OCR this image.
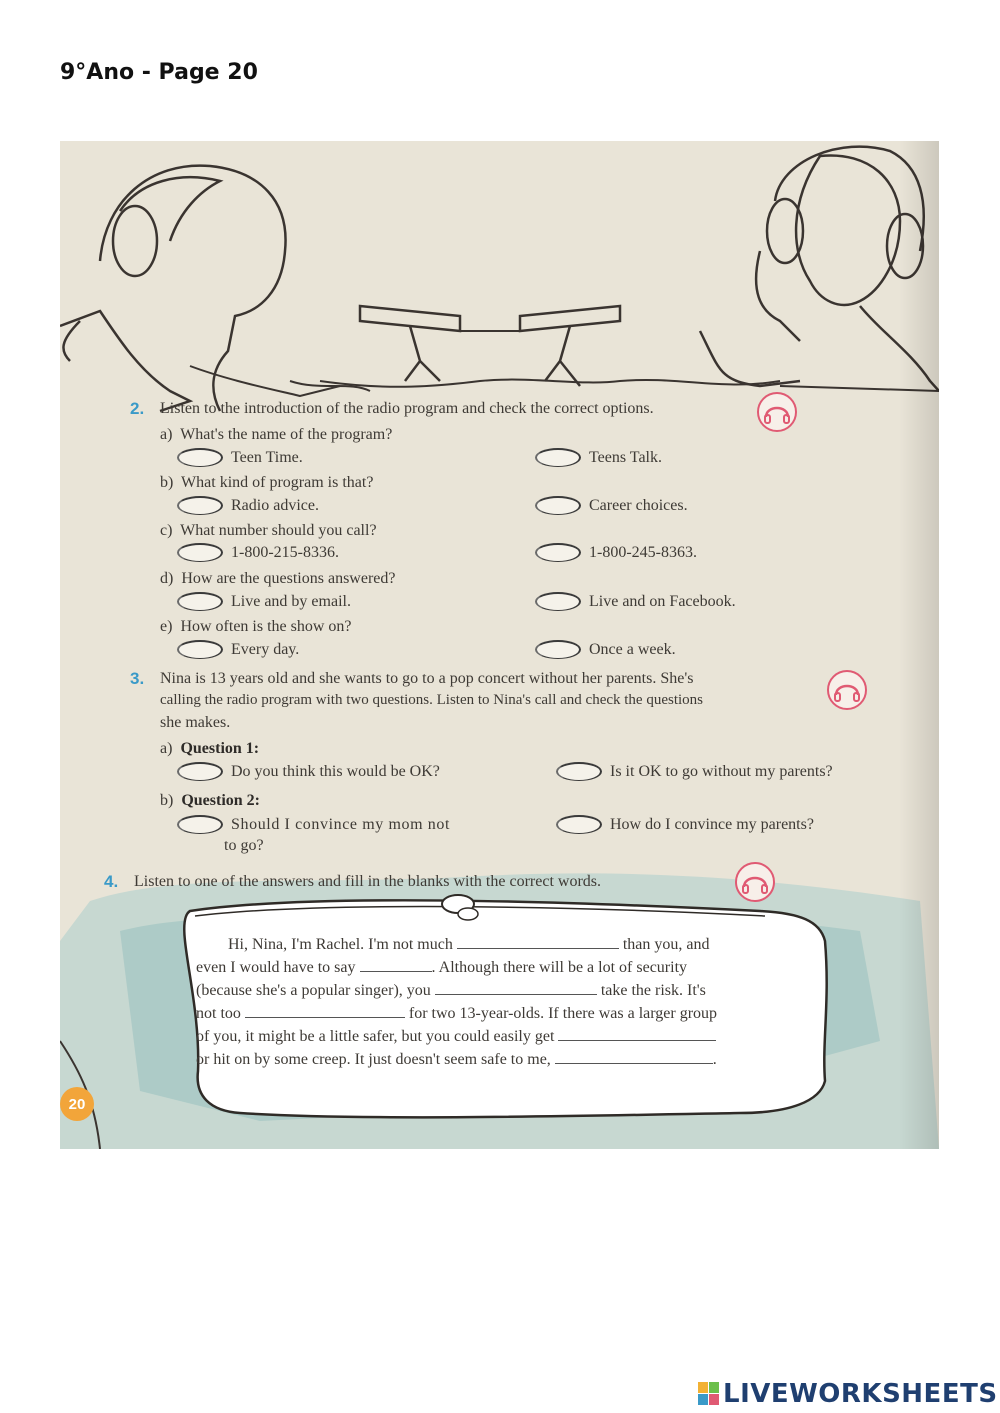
9°Ano - Page 20
2. Listen to the introduction of the radio program and check the correct options.
a) What's the name of the program?
Teen Time.	Teens Talk.
b) What kind of program is that?
Radio advice.	Career choices.
c) What number should you call?
1-800-215-8336.	1-800-245-8363.
d) How are the questions answered?
Live and by email.	Live and on Facebook.
e) How often is the show on?
Every day.	Once a week.
3. Nina is 13 years old and she wants to go to a pop concert without her parents. She's
calling the radio program with two questions. Listen to Nina's call and check the questions
she makes.
a) Question 1:
Do you think this would be OK?	Is it OK to go without my parents?
b) Question 2:
Should I convince my mom not
to go?
How do I convince my parents?
4. Listen to one of the answers and fill in the blanks with the correct words.
Hi, Nina, I'm Rachel. I'm not much	than you, and
even I would have to say	. Although there will be a lot of security
(because she's a popular singer), you	take the risk. It's
not too	for two 13-year-olds. If there was a larger group
of you, it might be a little safer, but you could easily get
or hit on by some creep. It just doesn't seem safe to me,	.
20
LIVEWORKSHEETS
